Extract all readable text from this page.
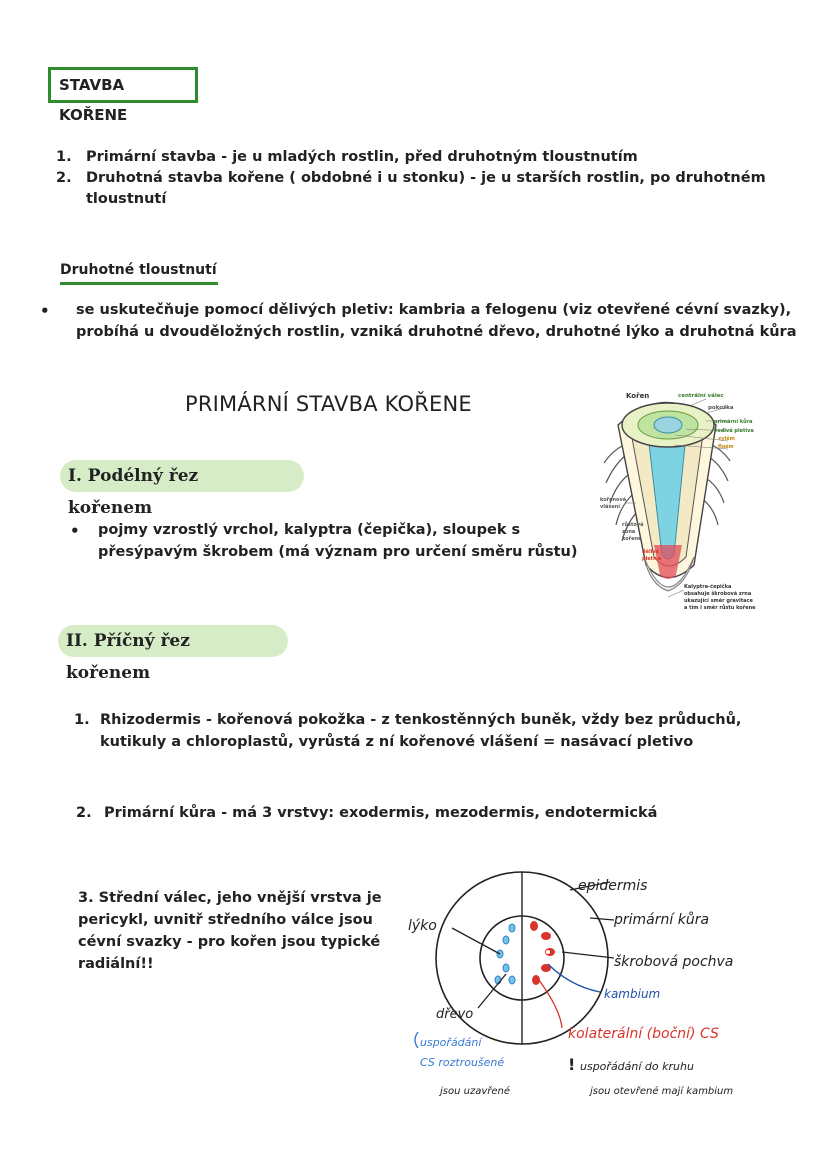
STAVBA KOŘENE
1. Primární stavba - je u mladých rostlin, před druhotným tloustnutím
2. Druhotná stavba kořene ( obdobné i u stonku) - je u starších rostlin, po druhotném
tloustnutí
Druhotné tloustnutí
• se uskutečňuje pomocí dělivých pletiv: kambria a felogenu (viz otevřené cévní svazky),
probíhá u dvouděložných rostlin, vzniká druhotné dřevo, druhotné lýko a druhotná kůra
PRIMÁRNÍ STAVBA KOŘENE
I. Podélný řez kořenem
• pojmy vzrostlý vrchol, kalyptra (čepička), sloupek s
přesýpavým škrobem (má význam pro určení směru růstu)
Kořen	centrální válec
pokožka
primární kůra
vodivá pletiva
xylém
floém
kořenová
vlášení
růstová
zóna
kořene
dělivá
pletiva
Kalyptra-čepička
obsahuje škrobová zrna
ukazující směr gravitace
a tím i směr růstu kořene
II. Příčný řez kořenem
1. Rhizodermis - kořenová pokožka - z tenkostěnných buněk, vždy bez průduchů,
kutikuly a chloroplastů, vyrůstá z ní kořenové vlášení = nasávací pletivo
2. Primární kůra - má 3 vrstvy: exodermis, mezodermis, endotermická
3. Střední válec, jeho vnější vrstva je
pericykl, uvnitř středního válce jsou
cévní svazky - pro kořen jsou typické
radiální!!
epidermis
lýko	primární kůra
škrobová pochva
kambium
dřevo
uspořádání
CS roztroušené
kolaterální (boční) CS
! uspořádání do kruhu
jsou uzavřené	jsou otevřené mají kambium
